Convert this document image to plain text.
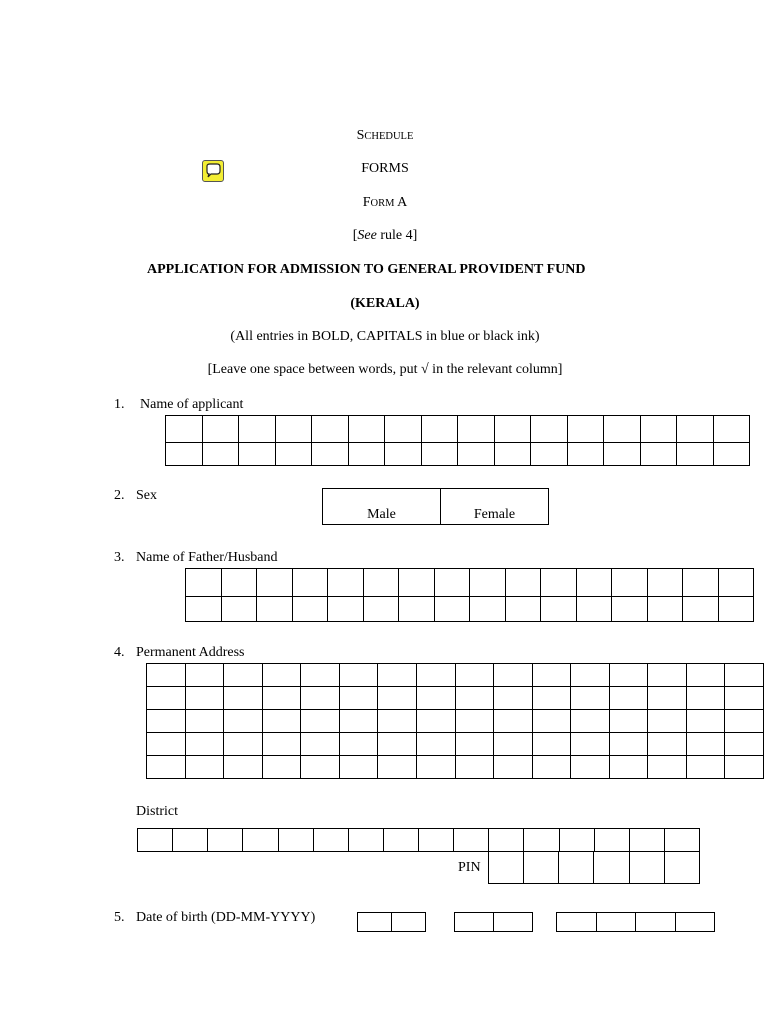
SCHEDULE
FORMS
FORM A
[See rule 4]
APPLICATION FOR ADMISSION TO GENERAL PROVIDENT FUND
(KERALA)
(All entries in BOLD, CAPITALS in blue or black ink)
[Leave one space between words, put √ in the relevant column]
1. Name of applicant

2. Sex
Male	Female
3. Name of Father/Husband

4. Permanent Address

District

PIN

5. Date of birth (DD-MM-YYYY)
